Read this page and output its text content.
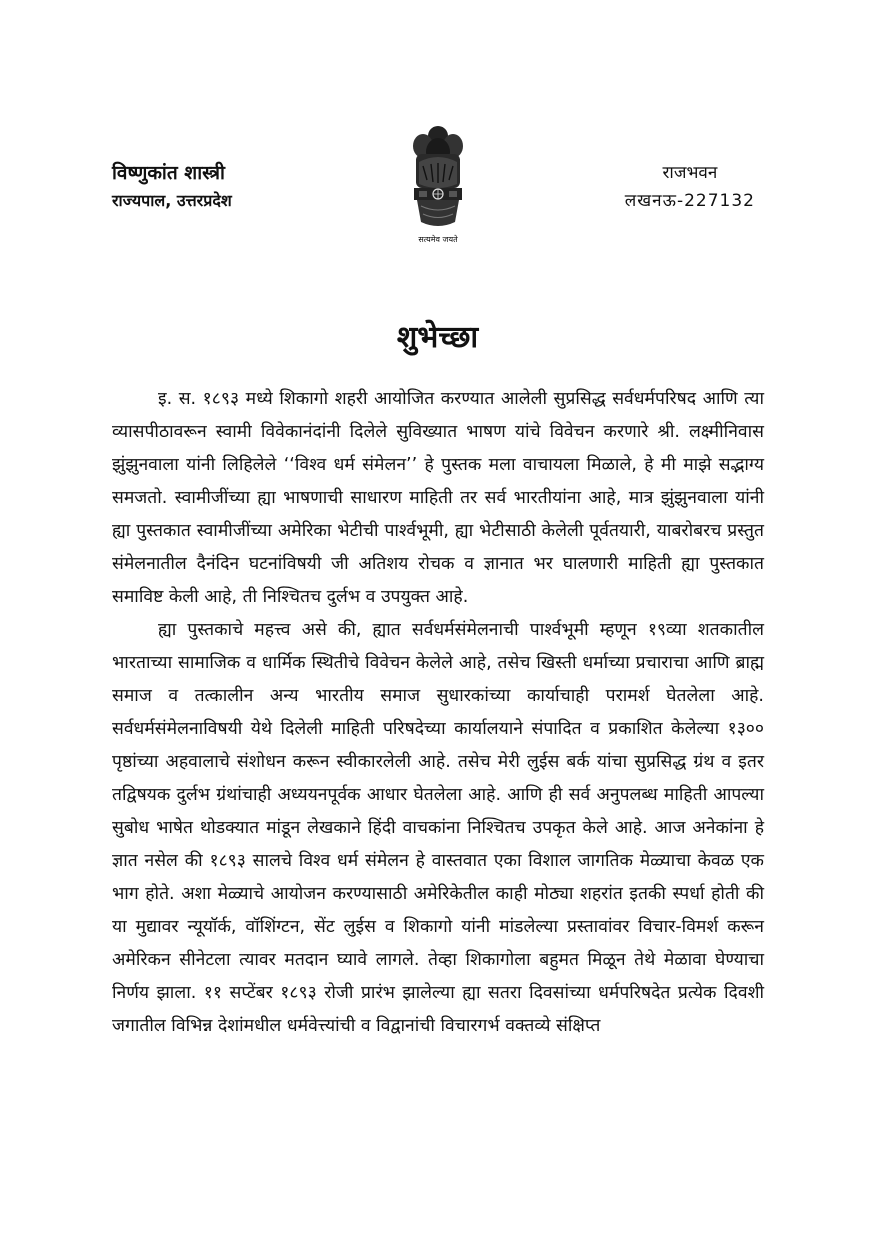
विष्णुकांत शास्त्री
राज्यपाल, उत्तरप्रदेश
सत्यमेव जयते
राजभवन
लखनऊ-227132
शुभेच्छा

इ. स. १८९३ मध्ये शिकागो शहरी आयोजित करण्यात आलेली सुप्रसिद्ध सर्वधर्मपरिषद आणि त्या व्यासपीठावरून स्वामी विवेकानंदांनी दिलेले सुविख्यात भाषण यांचे विवेचन करणारे श्री. लक्ष्मीनिवास झुंझुनवाला यांनी लिहिलेले ‘‘विश्व धर्म संमेलन’’ हे पुस्तक मला वाचायला मिळाले, हे मी माझे सद्भाग्य समजतो. स्वामीजींच्या ह्या भाषणाची साधारण माहिती तर सर्व भारतीयांना आहे, मात्र झुंझुनवाला यांनी ह्या पुस्तकात स्वामीजींच्या अमेरिका भेटीची पार्श्वभूमी, ह्या भेटीसाठी केलेली पूर्वतयारी, याबरोबरच प्रस्तुत संमेलनातील दैनंदिन घटनांविषयी जी अतिशय रोचक व ज्ञानात भर घालणारी माहिती ह्या पुस्तकात समाविष्ट केली आहे, ती निश्चितच दुर्लभ व उपयुक्त आहे.

ह्या पुस्तकाचे महत्त्व असे की, ह्यात सर्वधर्मसंमेलनाची पार्श्वभूमी म्हणून १९व्या शतकातील भारताच्या सामाजिक व धार्मिक स्थितीचे विवेचन केलेले आहे, तसेच खिस्ती धर्माच्या प्रचाराचा आणि ब्राह्म समाज व तत्कालीन अन्य भारतीय समाज सुधारकांच्या कार्याचाही परामर्श घेतलेला आहे. सर्वधर्मसंमेलनाविषयी येथे दिलेली माहिती परिषदेच्या कार्यालयाने संपादित व प्रकाशित केलेल्या १३०० पृष्ठांच्या अहवालाचे संशोधन करून स्वीकारलेली आहे. तसेच मेरी लुईस बर्क यांचा सुप्रसिद्ध ग्रंथ व इतर तद्विषयक दुर्लभ ग्रंथांचाही अध्ययनपूर्वक आधार घेतलेला आहे. आणि ही सर्व अनुपलब्ध माहिती आपल्या सुबोध भाषेत थोडक्यात मांडून लेखकाने हिंदी वाचकांना निश्चितच उपकृत केले आहे. आज अनेकांना हे ज्ञात नसेल की १८९३ सालचे विश्व धर्म संमेलन हे वास्तवात एका विशाल जागतिक मेळ्याचा केवळ एक भाग होते. अशा मेळ्याचे आयोजन करण्यासाठी अमेरिकेतील काही मोठ्या शहरांत इतकी स्पर्धा होती की या मुद्यावर न्यूयॉर्क, वॉशिंग्टन, सेंट लुईस व शिकागो यांनी मांडलेल्या प्रस्तावांवर विचार-विमर्श करून अमेरिकन सीनेटला त्यावर मतदान घ्यावे लागले. तेव्हा शिकागोला बहुमत मिळून तेथे मेळावा घेण्याचा निर्णय झाला. ११ सप्टेंबर १८९३ रोजी प्रारंभ झालेल्या ह्या सतरा दिवसांच्या धर्मपरिषदेत प्रत्येक दिवशी जगातील विभिन्न देशांमधील धर्मवेत्त्यांची व विद्वानांची विचारगर्भ वक्तव्ये संक्षिप्त
